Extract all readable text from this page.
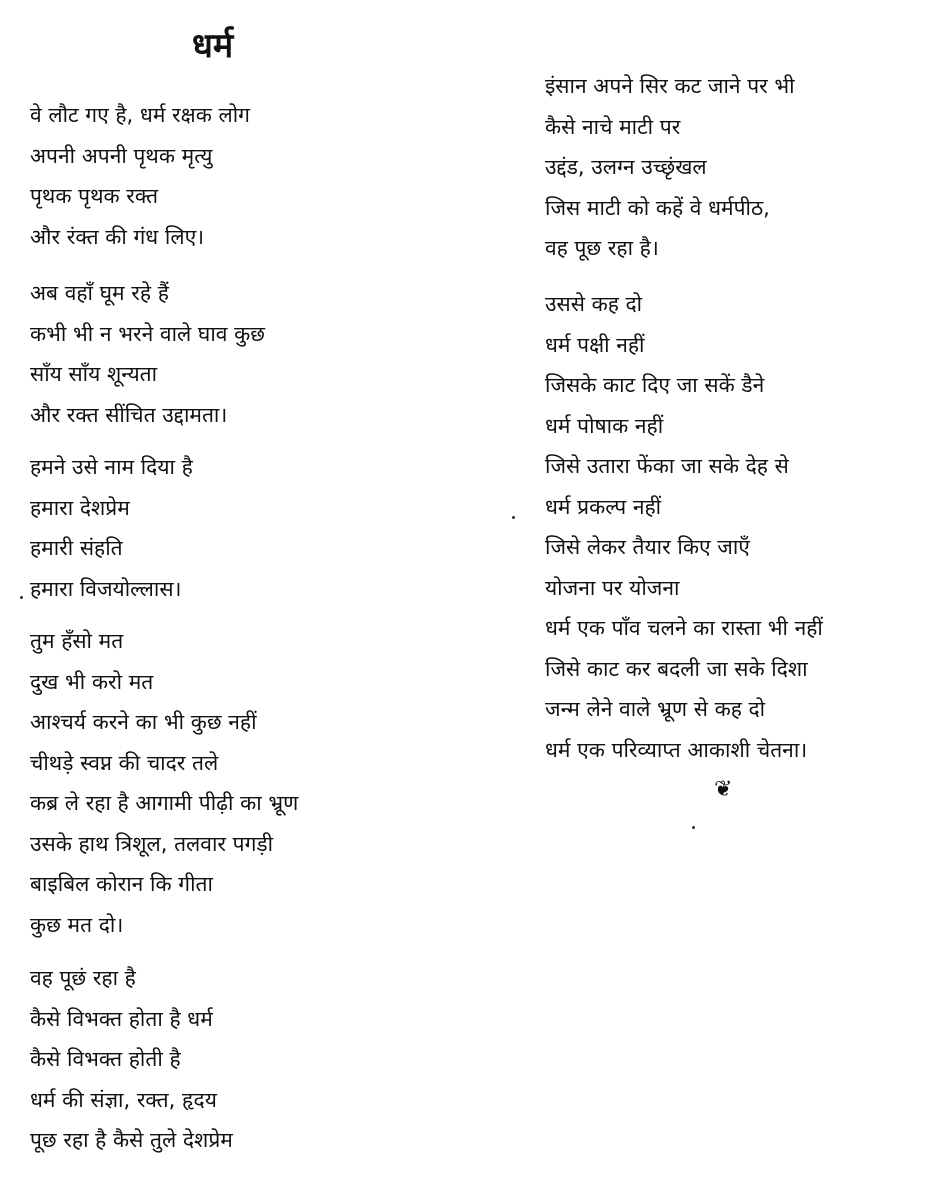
धर्म
वे लौट गए है, धर्म रक्षक लोग
अपनी अपनी पृथक मृत्यु
पृथक पृथक रक्त
और रंक्त की गंध लिए।
अब वहाँ घूम रहे हैं
कभी भी न भरने वाले घाव कुछ
साँय साँय शून्यता
और रक्त सींचित उद्दामता।
हमने उसे नाम दिया है
हमारा देशप्रेम
हमारी संहति
हमारा विजयोल्लास।
तुम हँसो मत
दुख भी करो मत
आश्चर्य करने का भी कुछ नहीं
चीथड़े स्वप्न की चादर तले
कब्र ले रहा है आगामी पीढ़ी का भ्रूण
उसके हाथ त्रिशूल, तलवार पगड़ी
बाइबिल कोरान कि गीता
कुछ मत दो।
वह पूछं रहा है
कैसे विभक्त होता है धर्म
कैसे विभक्त होती है
धर्म की संज्ञा, रक्त, हृदय
पूछ रहा है कैसे तुले देशप्रेम
इंसान अपने सिर कट जाने पर भी
कैसे नाचे माटी पर
उद्दंड, उलग्न उच्छृंखल
जिस माटी को कहें वे धर्मपीठ,
वह पूछ रहा है।
उससे कह दो
धर्म पक्षी नहीं
जिसके काट दिए जा सकें डैने
धर्म पोषाक नहीं
जिसे उतारा फेंका जा सके देह से
धर्म प्रकल्प नहीं
जिसे लेकर तैयार किए जाएँ
योजना पर योजना
धर्म एक पाँव चलने का रास्ता भी नहीं
जिसे काट कर बदली जा सके दिशा
जन्म लेने वाले भ्रूण से कह दो
धर्म एक परिव्याप्त आकाशी चेतना।
❦
